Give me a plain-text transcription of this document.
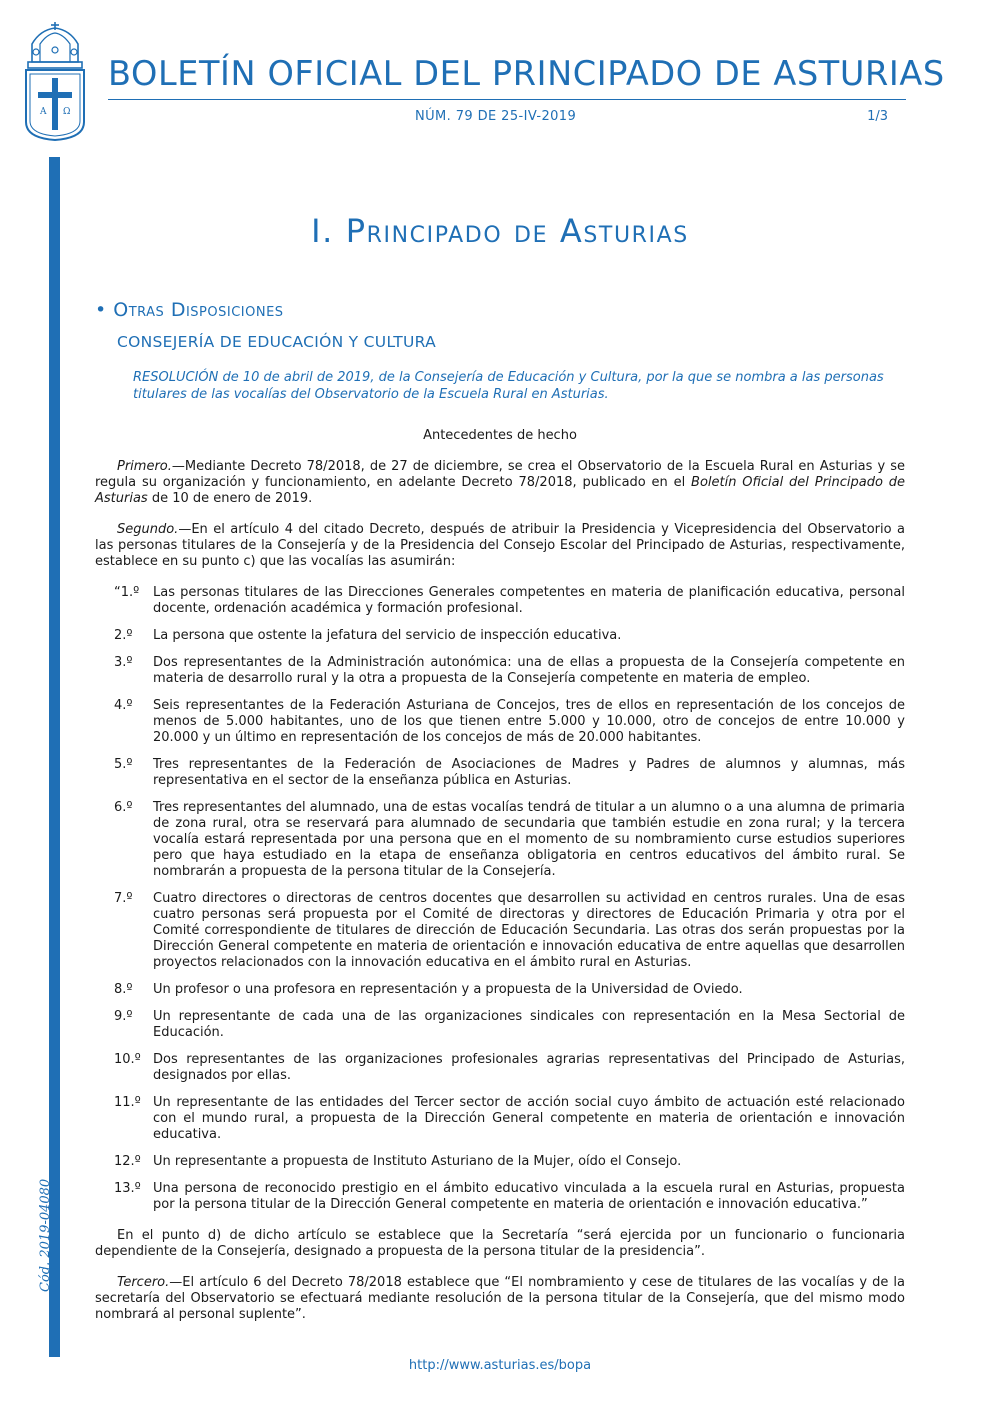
A Ω
BOLETÍN OFICIAL DEL PRINCIPADO DE ASTURIAS
NÚM. 79 DE 25-IV-2019	1/3
Cód. 2019-04080
I. Principado de Asturias
• Otras Disposiciones
CONSEJERÍA DE EDUCACIÓN Y CULTURA
RESOLUCIÓN de 10 de abril de 2019, de la Consejería de Educación y Cultura, por la que se nombra a las personas titulares de las vocalías del Observatorio de la Escuela Rural en Asturias.
Antecedentes de hecho

Primero.—Mediante Decreto 78/2018, de 27 de diciembre, se crea el Observatorio de la Escuela Rural en Asturias y se regula su organización y funcionamiento, en adelante Decreto 78/2018, publicado en el Boletín Oficial del Principado de Asturias de 10 de enero de 2019.

Segundo.—En el artículo 4 del citado Decreto, después de atribuir la Presidencia y Vicepresidencia del Observatorio a las personas titulares de la Consejería y de la Presidencia del Consejo Escolar del Principado de Asturias, respectivamente, establece en su punto c) que las vocalías las asumirán:

“1.º	Las personas titulares de las Direcciones Generales competentes en materia de planificación educativa, personal docente, ordenación académica y formación profesional.
2.º	La persona que ostente la jefatura del servicio de inspección educativa.
3.º	Dos representantes de la Administración autonómica: una de ellas a propuesta de la Consejería competente en materia de desarrollo rural y la otra a propuesta de la Consejería competente en materia de empleo.
4.º	Seis representantes de la Federación Asturiana de Concejos, tres de ellos en representación de los concejos de menos de 5.000 habitantes, uno de los que tienen entre 5.000 y 10.000, otro de concejos de entre 10.000 y 20.000 y un último en representación de los concejos de más de 20.000 habitantes.
5.º	Tres representantes de la Federación de Asociaciones de Madres y Padres de alumnos y alumnas, más representativa en el sector de la enseñanza pública en Asturias.
6.º	Tres representantes del alumnado, una de estas vocalías tendrá de titular a un alumno o a una alumna de primaria de zona rural, otra se reservará para alumnado de secundaria que también estudie en zona rural; y la tercera vocalía estará representada por una persona que en el momento de su nombramiento curse estudios superiores pero que haya estudiado en la etapa de enseñanza obligatoria en centros educativos del ámbito rural. Se nombrarán a propuesta de la persona titular de la Consejería.
7.º	Cuatro directores o directoras de centros docentes que desarrollen su actividad en centros rurales. Una de esas cuatro personas será propuesta por el Comité de directoras y directores de Educación Primaria y otra por el Comité correspondiente de titulares de dirección de Educación Secundaria. Las otras dos serán propuestas por la Dirección General competente en materia de orientación e innovación educativa de entre aquellas que desarrollen proyectos relacionados con la innovación educativa en el ámbito rural en Asturias.
8.º	Un profesor o una profesora en representación y a propuesta de la Universidad de Oviedo.
9.º	Un representante de cada una de las organizaciones sindicales con representación en la Mesa Sectorial de Educación.
10.º Dos representantes de las organizaciones profesionales agrarias representativas del Principado de Asturias, designados por ellas.
11.º Un representante de las entidades del Tercer sector de acción social cuyo ámbito de actuación esté relacionado con el mundo rural, a propuesta de la Dirección General competente en materia de orientación e innovación educativa.
12.º Un representante a propuesta de Instituto Asturiano de la Mujer, oído el Consejo.
13.º Una persona de reconocido prestigio en el ámbito educativo vinculada a la escuela rural en Asturias, propuesta por la persona titular de la Dirección General competente en materia de orientación e innovación educativa.”

En el punto d) de dicho artículo se establece que la Secretaría “será ejercida por un funcionario o funcionaria dependiente de la Consejería, designado a propuesta de la persona titular de la presidencia”.

Tercero.—El artículo 6 del Decreto 78/2018 establece que “El nombramiento y cese de titulares de las vocalías y de la secretaría del Observatorio se efectuará mediante resolución de la persona titular de la Consejería, que del mismo modo nombrará al personal suplente”.

http://www.asturias.es/bopa
